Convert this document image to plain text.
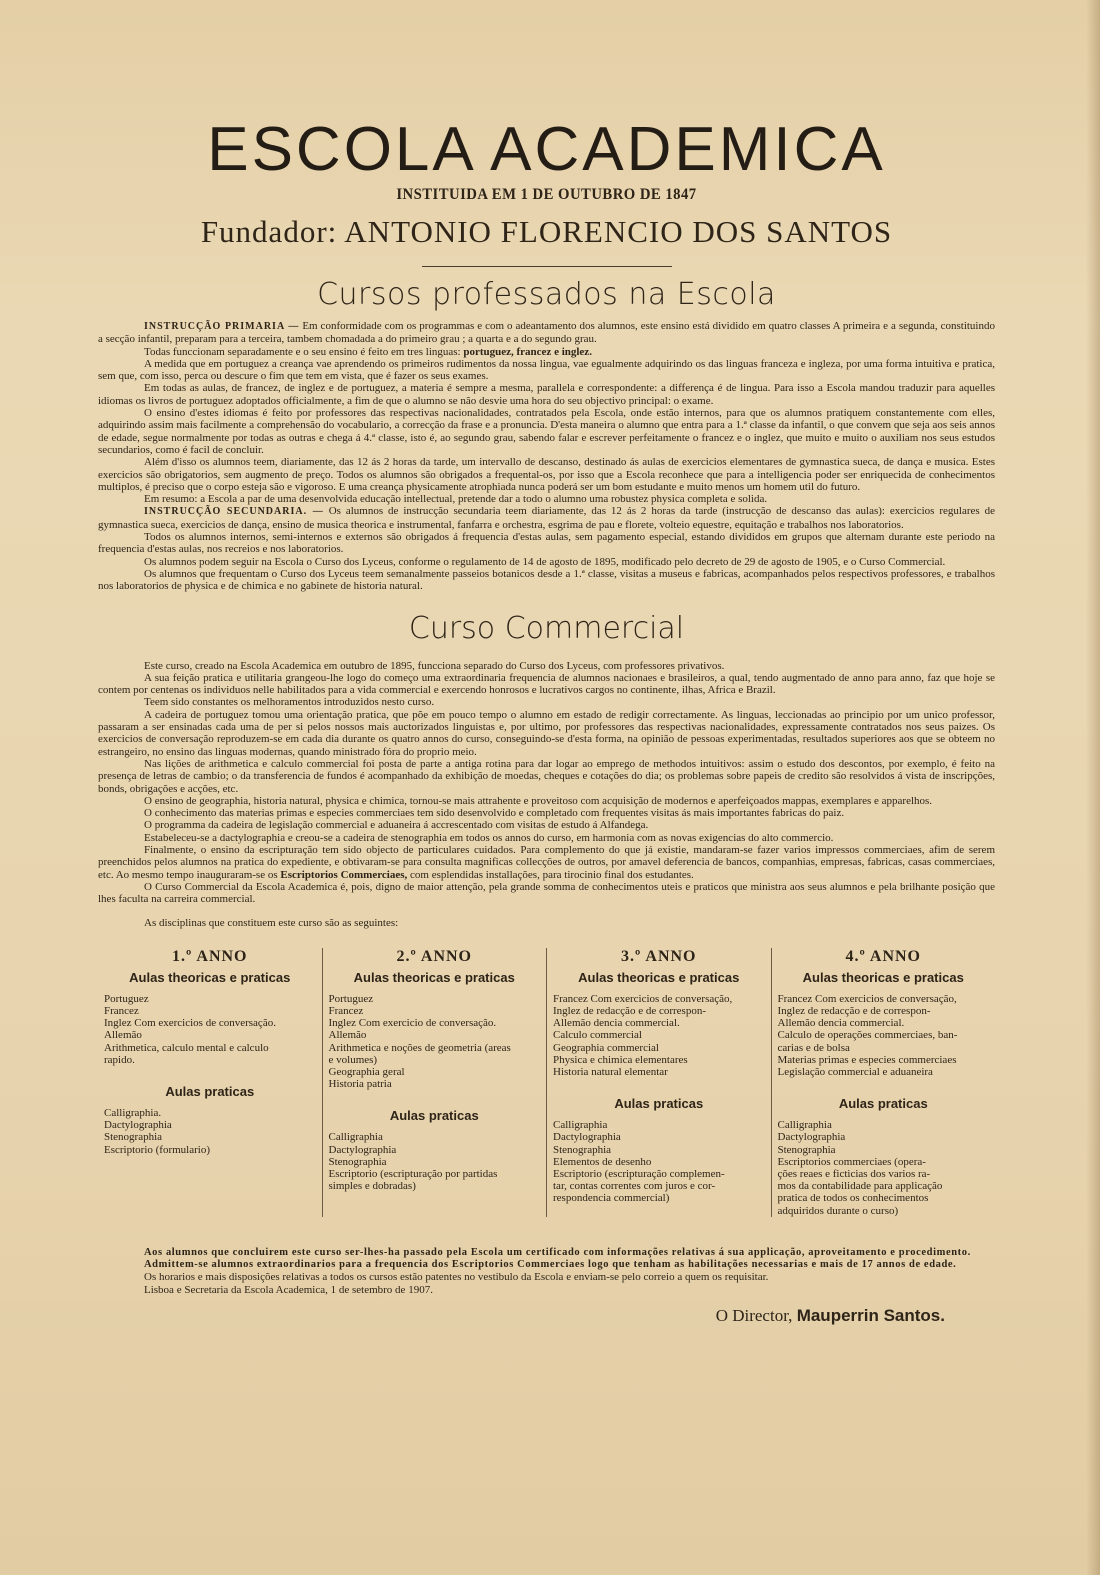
ESCOLA ACADEMICA
INSTITUIDA EM 1 DE OUTUBRO DE 1847
Fundador: ANTONIO FLORENCIO DOS SANTOS
Cursos professados na Escola

INSTRUCÇÃO PRIMARIA — Em conformidade com os programmas e com o adeantamento dos alumnos, este ensino está dividido em quatro classes A primeira e a segunda, constituindo a secção infantil, preparam para a terceira, tambem chomadada a do primeiro grau ; a quarta e a do segundo grau.

Todas funccionam separadamente e o seu ensino é feito em tres linguas: portuguez, francez e inglez.

A medida que em portuguez a creança vae aprendendo os primeiros rudimentos da nossa lingua, vae egualmente adquirindo os das linguas franceza e ingleza, por uma forma intuitiva e pratica, sem que, com isso, perca ou descure o fim que tem em vista, que é fazer os seus exames.

Em todas as aulas, de francez, de inglez e de portuguez, a materia é sempre a mesma, parallela e correspondente: a differença é de lingua. Para isso a Escola mandou traduzir para aquelles idiomas os livros de portuguez adoptados officialmente, a fim de que o alumno se não desvie uma hora do seu objectivo principal: o exame.

O ensino d'estes idiomas é feito por professores das respectivas nacionalidades, contratados pela Escola, onde estão internos, para que os alumnos pratiquem constantemente com elles, adquirindo assim mais facilmente a comprehensão do vocabulario, a correcção da frase e a pronuncia. D'esta maneira o alumno que entra para a 1.ª classe da infantil, o que convem que seja aos seis annos de edade, segue normalmente por todas as outras e chega á 4.ª classe, isto é, ao segundo grau, sabendo falar e escrever perfeitamente o francez e o inglez, que muito e muito o auxiliam nos seus estudos secundarios, como é facil de concluir.

Além d'isso os alumnos teem, diariamente, das 12 ás 2 horas da tarde, um intervallo de descanso, destinado ás aulas de exercicios elementares de gymnastica sueca, de dança e musica. Estes exercicios são obrigatorios, sem augmento de preço. Todos os alumnos são obrigados a frequental-os, por isso que a Escola reconhece que para a intelligencia poder ser enriquecida de conhecimentos multiplos, é preciso que o corpo esteja são e vigoroso. E uma creança physicamente atrophiada nunca poderá ser um bom estudante e muito menos um homem util do futuro.

Em resumo: a Escola a par de uma desenvolvida educação intellectual, pretende dar a todo o alumno uma robustez physica completa e solida.

INSTRUCÇÃO SECUNDARIA. — Os alumnos de instrucção secundaria teem diariamente, das 12 ás 2 horas da tarde (instrucção de descanso das aulas): exercicios regulares de gymnastica sueca, exercicios de dança, ensino de musica theorica e instrumental, fanfarra e orchestra, esgrima de pau e florete, volteio equestre, equitação e trabalhos nos laboratorios.

Todos os alumnos internos, semi-internos e externos são obrigados á frequencia d'estas aulas, sem pagamento especial, estando divididos em grupos que alternam durante este periodo na frequencia d'estas aulas, nos recreios e nos laboratorios.

Os alumnos podem seguir na Escola o Curso dos Lyceus, conforme o regulamento de 14 de agosto de 1895, modificado pelo decreto de 29 de agosto de 1905, e o Curso Commercial.

Os alumnos que frequentam o Curso dos Lyceus teem semanalmente passeios botanicos desde a 1.ª classe, visitas a museus e fabricas, acompanhados pelos respectivos professores, e trabalhos nos laboratorios de physica e de chimica e no gabinete de historia natural.

Curso Commercial

Este curso, creado na Escola Academica em outubro de 1895, funcciona separado do Curso dos Lyceus, com professores privativos.

A sua feição pratica e utilitaria grangeou-lhe logo do começo uma extraordinaria frequencia de alumnos nacionaes e brasileiros, a qual, tendo augmentado de anno para anno, faz que hoje se contem por centenas os individuos nelle habilitados para a vida commercial e exercendo honrosos e lucrativos cargos no continente, ilhas, Africa e Brazil.

Teem sido constantes os melhoramentos introduzidos nesto curso.

A cadeira de portuguez tomou uma orientação pratica, que põe em pouco tempo o alumno em estado de redigir correctamente. As linguas, leccionadas ao principio por um unico professor, passaram a ser ensinadas cada uma de per si pelos nossos mais auctorizados linguistas e, por ultimo, por professores das respectivas nacionalidades, expressamente contratados nos seus paizes. Os exercicios de conversação reproduzem-se em cada dia durante os quatro annos do curso, conseguindo-se d'esta forma, na opinião de pessoas experimentadas, resultados superiores aos que se obteem no estrangeiro, no ensino das linguas modernas, quando ministrado fóra do proprio meio.

Nas lições de arithmetica e calculo commercial foi posta de parte a antiga rotina para dar logar ao emprego de methodos intuitivos: assim o estudo dos descontos, por exemplo, é feito na presença de letras de cambio; o da transferencia de fundos é acompanhado da exhibição de moedas, cheques e cotações do dia; os problemas sobre papeis de credito são resolvidos á vista de inscripções, bonds, obrigações e acções, etc.

O ensino de geographia, historia natural, physica e chimica, tornou-se mais attrahente e proveitoso com acquisição de modernos e aperfeiçoados mappas, exemplares e apparelhos.

O conhecimento das materias primas e especies commerciaes tem sido desenvolvido e completado com frequentes visitas ás mais importantes fabricas do paiz.

O programma da cadeira de legislação commercial e aduaneira á accrescentado com visitas de estudo á Alfandega.

Estabeleceu-se a dactylographia e creou-se a cadeira de stenographia em todos os annos do curso, em harmonia com as novas exigencias do alto commercio.

Finalmente, o ensino da escripturação tem sido objecto de particulares cuidados. Para complemento do que já existie, mandaram-se fazer varios impressos commerciaes, afim de serem preenchidos pelos alumnos na pratica do expediente, e obtivaram-se para consulta magnificas collecções de outros, por amavel deferencia de bancos, companhias, empresas, fabricas, casas commerciaes, etc. Ao mesmo tempo inauguraram-se os Escriptorios Commerciaes, com esplendidas installações, para tirocinio final dos estudantes.

O Curso Commercial da Escola Academica é, pois, digno de maior attenção, pela grande somma de conhecimentos uteis e praticos que ministra aos seus alumnos e pela brilhante posição que lhes faculta na carreira commercial.

As disciplinas que constituem este curso são as seguintes:

1.º ANNO
Aulas theoricas e praticas
Portuguez
Francez
Inglez Com exercicios de conversação.
Allemão
Arithmetica, calculo mental e calculo
rapido.
Aulas praticas
Calligraphia.
Dactylographia
Stenographia
Escriptorio (formulario)
2.º ANNO
Aulas theoricas e praticas
Portuguez
Francez
Inglez Com exercicio de conversação.
Allemão
Arithmetica e noções de geometria (areas
e volumes)
Geographia geral
Historia patria
Aulas praticas
Calligraphia
Dactylographia
Stenographia
Escriptorio (escripturação por partidas
simples e dobradas)
3.º ANNO
Aulas theoricas e praticas
Francez Com exercicios de conversação,
Inglez de redacção e de correspon-
Allemão dencia commercial.
Calculo commercial
Geographia commercial
Physica e chimica elementares
Historia natural elementar
Aulas praticas
Calligraphia
Dactylographia
Stenographia
Elementos de desenho
Escriptorio (escripturação complemen-
tar, contas correntes com juros e cor-
respondencia commercial)
4.º ANNO
Aulas theoricas e praticas
Francez Com exercicios de conversação,
Inglez de redacção e de correspon-
Allemão dencia commercial.
Calculo de operações commerciaes, ban-
carias e de bolsa
Materias primas e especies commerciaes
Legislação commercial e aduaneira
Aulas praticas
Calligraphia
Dactylographia
Stenographia
Escriptorios commerciaes (opera-
ções reaes e ficticias dos varios ra-
mos da contabilidade para applicação
pratica de todos os conhecimentos
adquiridos durante o curso)

Aos alumnos que concluirem este curso ser-lhes-ha passado pela Escola um certificado com informações relativas á sua applicação, aproveitamento e procedimento.

Admittem-se alumnos extraordinarios para a frequencia dos Escriptorios Commerciaes logo que tenham as habilitações necessarias e mais de 17 annos de edade.

Os horarios e mais disposições relativas a todos os cursos estão patentes no vestibulo da Escola e enviam-se pelo correio a quem os requisitar.

Lisboa e Secretaria da Escola Academica, 1 de setembro de 1907.

O Director, Mauperrin Santos.
